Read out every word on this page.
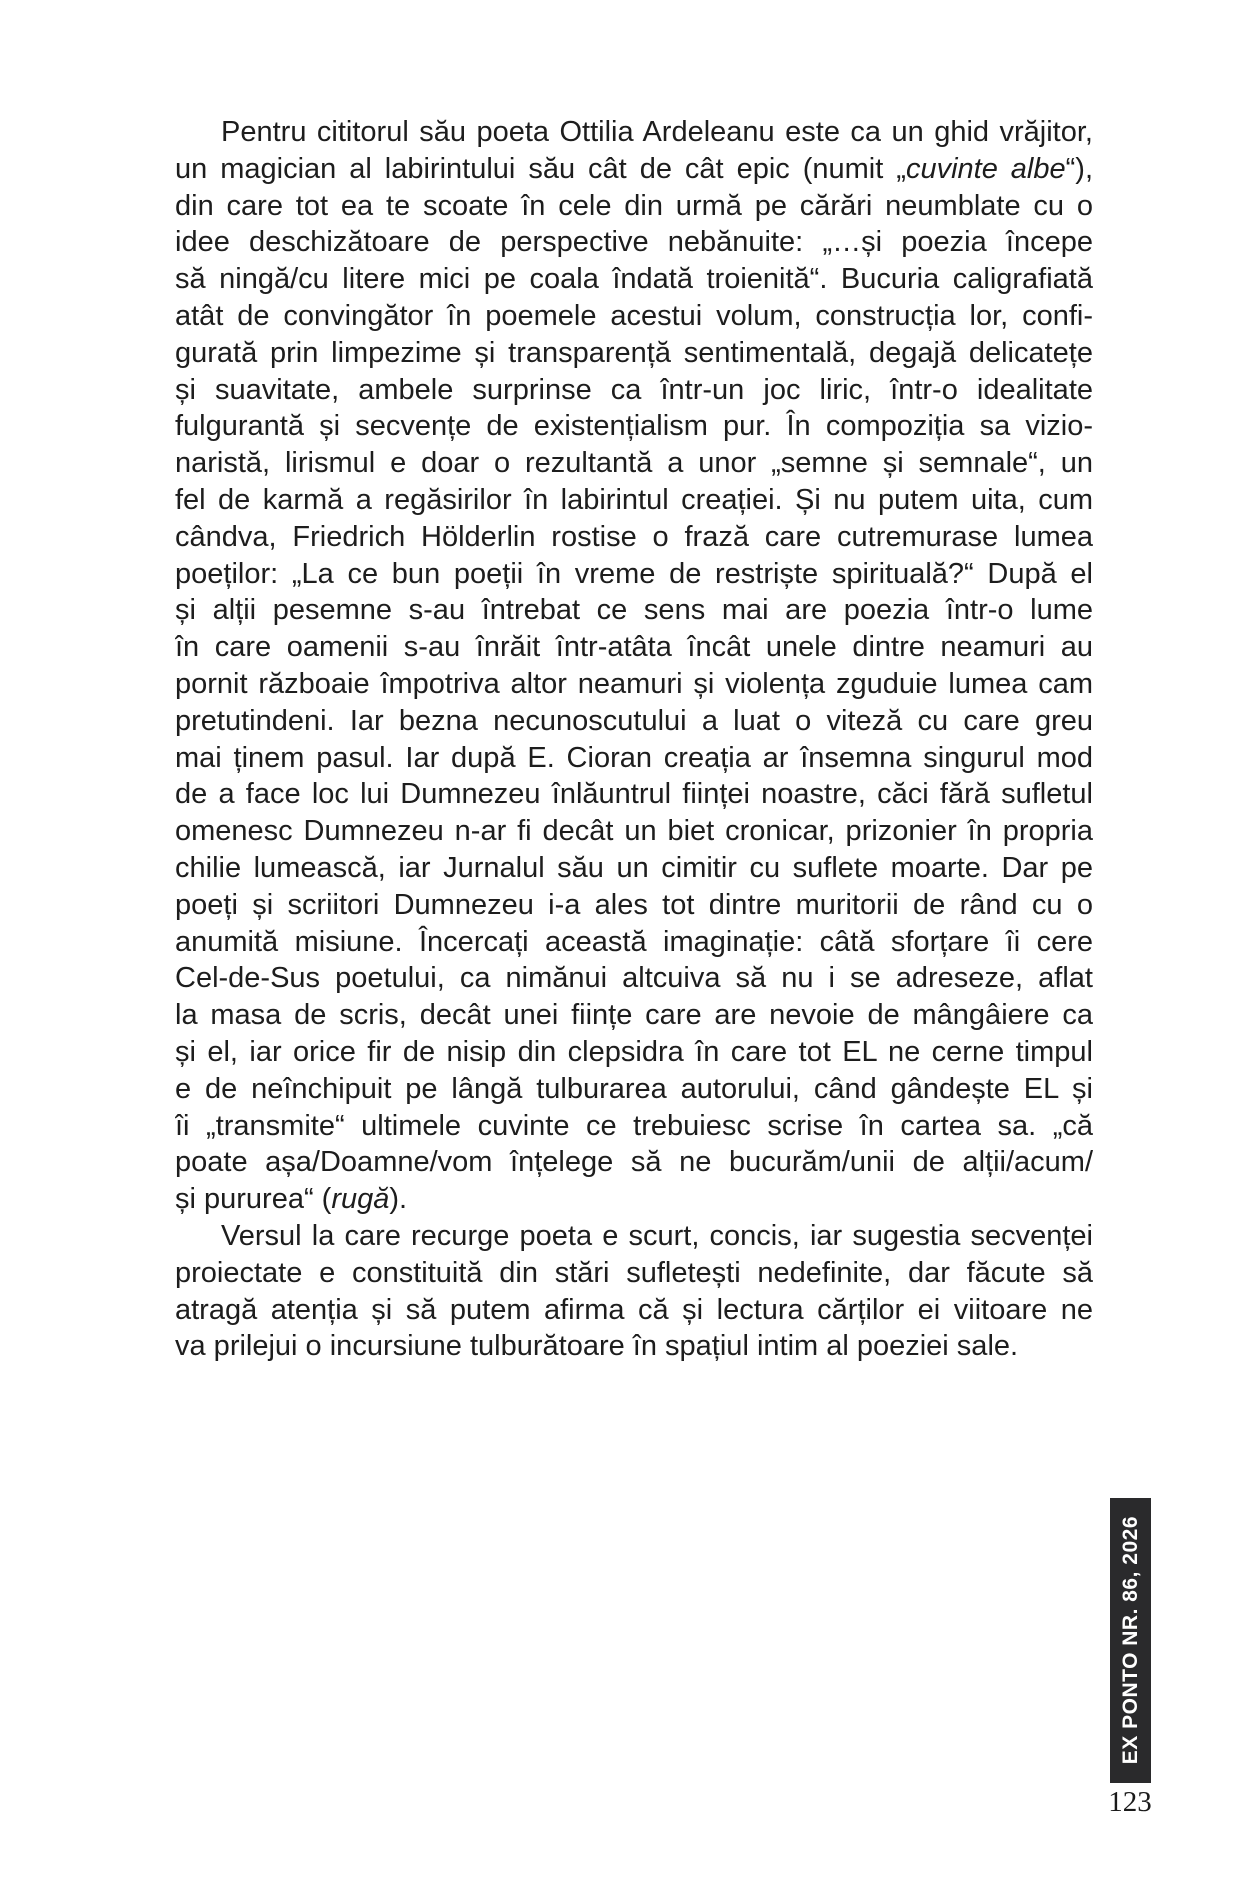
Pentru cititorul său poeta Ottilia Ardeleanu este ca un ghid vrăjitor,
un magician al labirintului său cât de cât epic (numit „cuvinte albe“),
din care tot ea te scoate în cele din urmă pe cărări neumblate cu o
idee deschizătoare de perspective nebănuite: „…și poezia începe
să ningă/cu litere mici pe coala îndată troienită“. Bucuria caligrafiată
atât de convingător în poemele acestui volum, construcția lor, confi-
gurată prin limpezime și transparență sentimentală, degajă delicatețe
și suavitate, ambele surprinse ca într-un joc liric, într-o idealitate
fulgurantă și secvențe de existențialism pur. În compoziția sa vizio-
naristă, lirismul e doar o rezultantă a unor „semne și semnale“, un
fel de karmă a regăsirilor în labirintul creației. Și nu putem uita, cum
cândva, Friedrich Hölderlin rostise o frază care cutremurase lumea
poeților: „La ce bun poeții în vreme de restriște spirituală?“ După el
și alții pesemne s-au întrebat ce sens mai are poezia într-o lume
în care oamenii s-au înrăit într-atâta încât unele dintre neamuri au
pornit războaie împotriva altor neamuri și violența zguduie lumea cam
pretutindeni. Iar bezna necunoscutului a luat o viteză cu care greu
mai ținem pasul. Iar după E. Cioran creația ar însemna singurul mod
de a face loc lui Dumnezeu înlăuntrul ființei noastre, căci fără sufletul
omenesc Dumnezeu n-ar fi decât un biet cronicar, prizonier în propria
chilie lumească, iar Jurnalul său un cimitir cu suflete moarte. Dar pe
poeți și scriitori Dumnezeu i-a ales tot dintre muritorii de rând cu o
anumită misiune. Încercați această imaginație: câtă sforțare îi cere
Cel-de-Sus poetului, ca nimănui altcuiva să nu i se adreseze, aflat
la masa de scris, decât unei ființe care are nevoie de mângâiere ca
și el, iar orice fir de nisip din clepsidra în care tot EL ne cerne timpul
e de neînchipuit pe lângă tulburarea autorului, când gândește EL și
îi „transmite“ ultimele cuvinte ce trebuiesc scrise în cartea sa. „că
poate așa/Doamne/vom înțelege să ne bucurăm/unii de alții/acum/
și pururea“ (rugă).
Versul la care recurge poeta e scurt, concis, iar sugestia secvenței
proiectate e constituită din stări sufletești nedefinite, dar făcute să
atragă atenția și să putem afirma că și lectura cărților ei viitoare ne
va prilejui o incursiune tulburătoare în spațiul intim al poeziei sale.
EX PONTO NR. 86, 2026
123
